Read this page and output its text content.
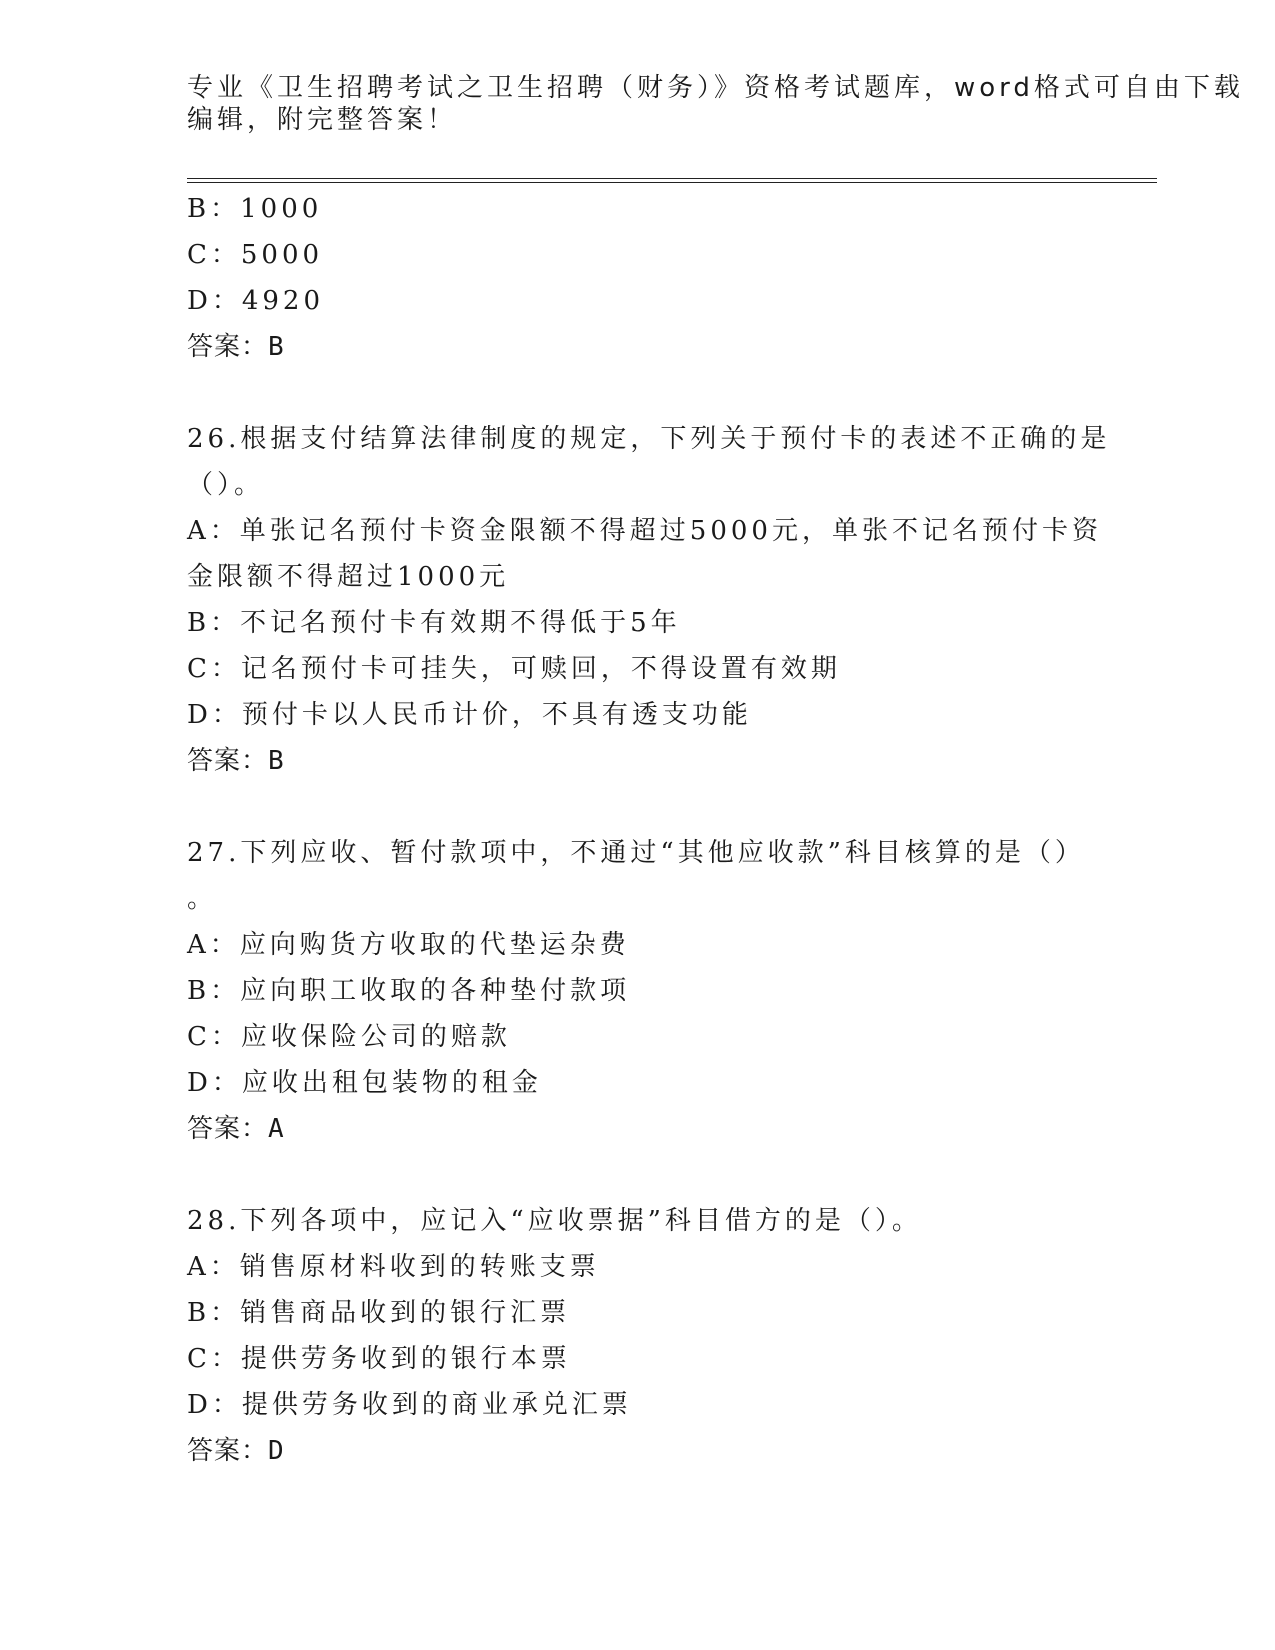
专业《卫生招聘考试之卫生招聘（财务）》资格考试题库，word格式可自由下载
编辑，附完整答案！
B：1000
C：5000
D：4920
答案：B
26.根据支付结算法律制度的规定，下列关于预付卡的表述不正确的是
（）。
A：单张记名预付卡资金限额不得超过5000元，单张不记名预付卡资
金限额不得超过1000元
B：不记名预付卡有效期不得低于5年
C：记名预付卡可挂失，可赎回，不得设置有效期
D：预付卡以人民币计价，不具有透支功能
答案：B
27.下列应收、暂付款项中，不通过“其他应收款”科目核算的是（）
。
A：应向购货方收取的代垫运杂费
B：应向职工收取的各种垫付款项
C：应收保险公司的赔款
D：应收出租包装物的租金
答案：A
28.下列各项中，应记入“应收票据”科目借方的是（）。
A：销售原材料收到的转账支票
B：销售商品收到的银行汇票
C：提供劳务收到的银行本票
D：提供劳务收到的商业承兑汇票
答案：D
